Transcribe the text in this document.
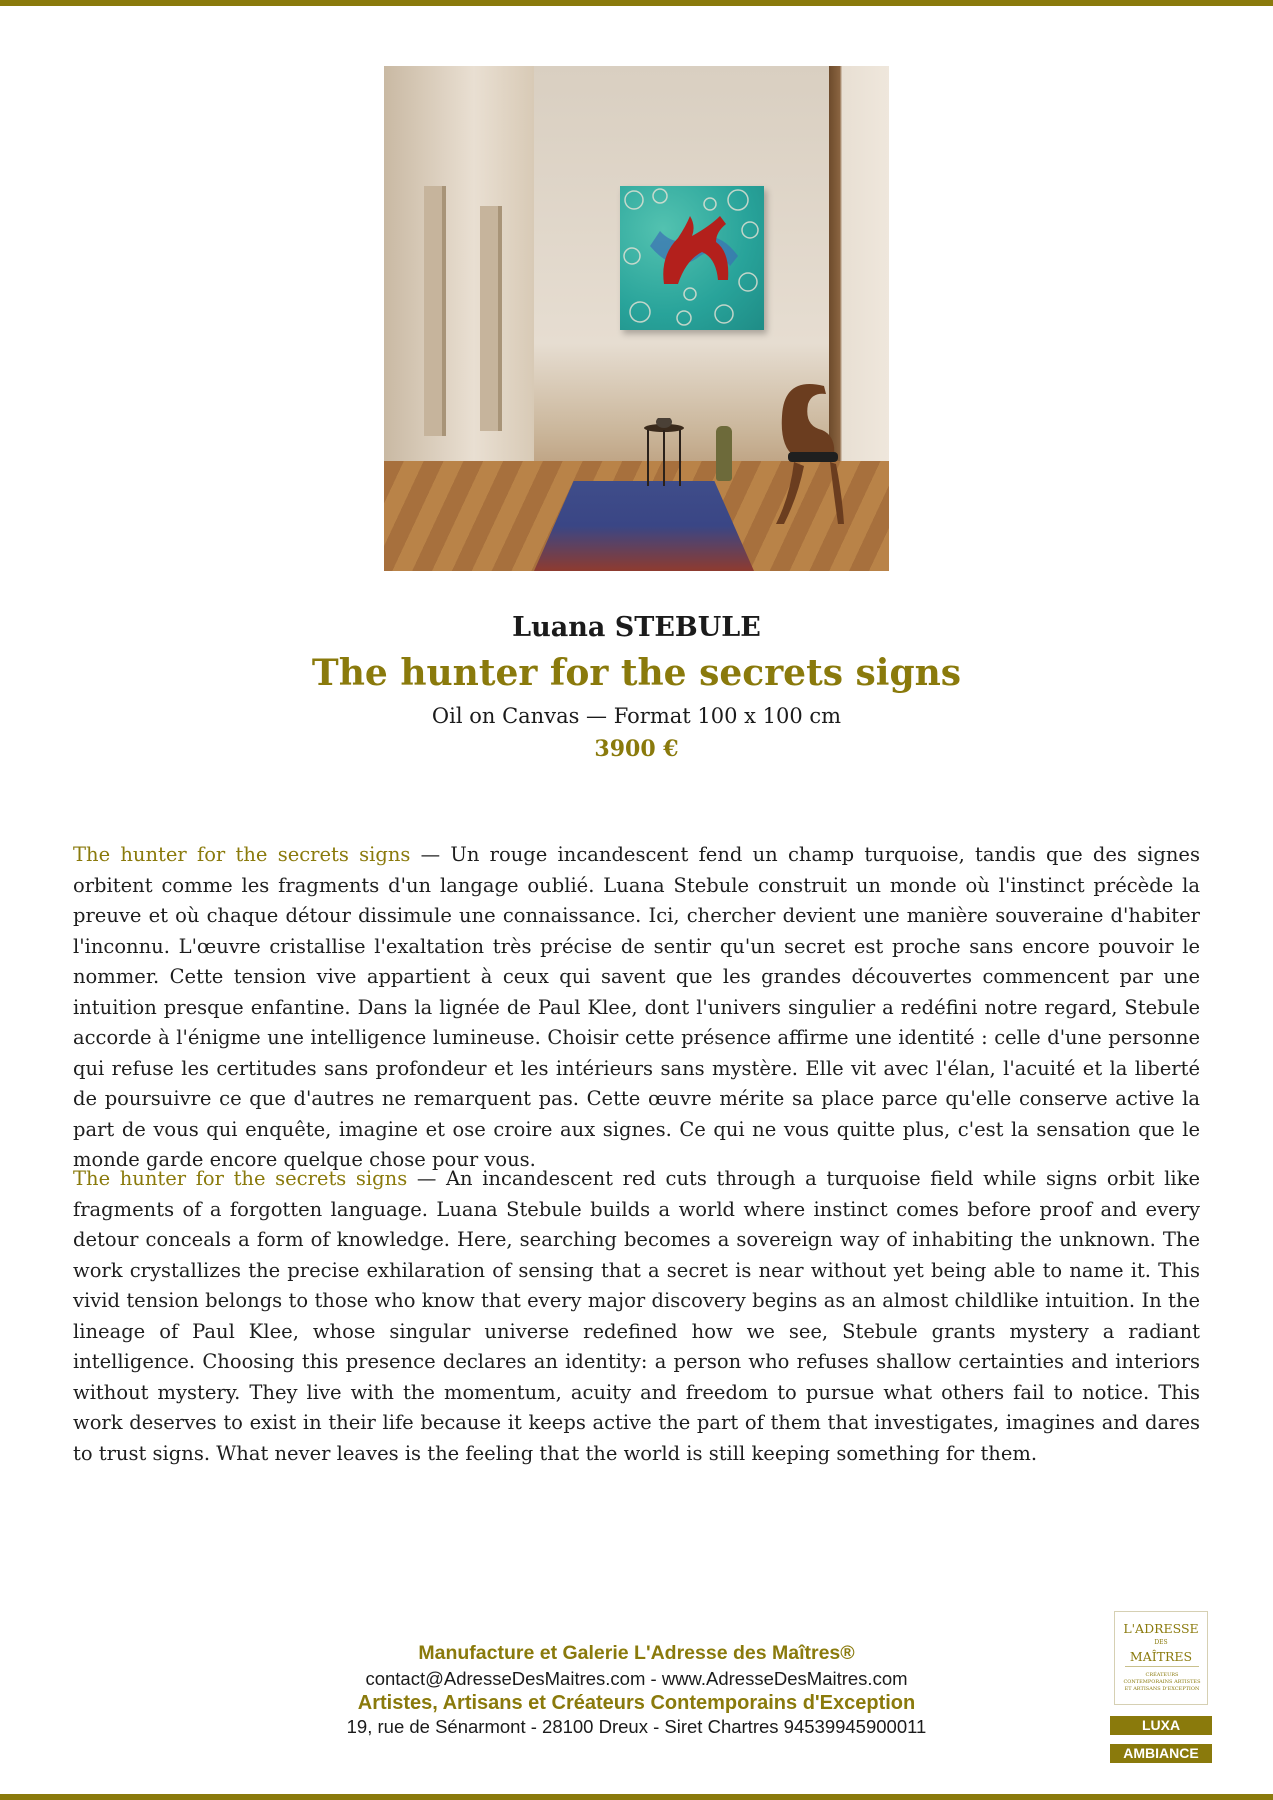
Luana STEBULE
The hunter for the secrets signs
Oil on Canvas — Format 100 x 100 cm
3900 €

The hunter for the secrets signs — Un rouge incandescent fend un champ turquoise, tandis que des signes orbitent comme les fragments d'un langage oublié. Luana Stebule construit un monde où l'instinct précède la preuve et où chaque détour dissimule une connaissance. Ici, chercher devient une manière souveraine d'habiter l'inconnu. L'œuvre cristallise l'exaltation très précise de sentir qu'un secret est proche sans encore pouvoir le nommer. Cette tension vive appartient à ceux qui savent que les grandes découvertes commencent par une intuition presque enfantine. Dans la lignée de Paul Klee, dont l'univers singulier a redéfini notre regard, Stebule accorde à l'énigme une intelligence lumineuse. Choisir cette présence affirme une identité : celle d'une personne qui refuse les certitudes sans profondeur et les intérieurs sans mystère. Elle vit avec l'élan, l'acuité et la liberté de poursuivre ce que d'autres ne remarquent pas. Cette œuvre mérite sa place parce qu'elle conserve active la part de vous qui enquête, imagine et ose croire aux signes. Ce qui ne vous quitte plus, c'est la sensation que le monde garde encore quelque chose pour vous.

The hunter for the secrets signs — An incandescent red cuts through a turquoise field while signs orbit like fragments of a forgotten language. Luana Stebule builds a world where instinct comes before proof and every detour conceals a form of knowledge. Here, searching becomes a sovereign way of inhabiting the unknown. The work crystallizes the precise exhilaration of sensing that a secret is near without yet being able to name it. This vivid tension belongs to those who know that every major discovery begins as an almost childlike intuition. In the lineage of Paul Klee, whose singular universe redefined how we see, Stebule grants mystery a radiant intelligence. Choosing this presence declares an identity: a person who refuses shallow certainties and interiors without mystery. They live with the momentum, acuity and freedom to pursue what others fail to notice. This work deserves to exist in their life because it keeps active the part of them that investigates, imagines and dares to trust signs. What never leaves is the feeling that the world is still keeping something for them.

Manufacture et Galerie L'Adresse des Maîtres®
contact@AdresseDesMaitres.com - www.AdresseDesMaitres.com
Artistes, Artisans et Créateurs Contemporains d'Exception
19, rue de Sénarmont - 28100 Dreux - Siret Chartres 94539945900011
L'ADRESSE
DES
MAÎTRES
CRÉATEURS CONTEMPORAINS ARTISTES ET ARTISANS D'EXCEPTION
LUXA
AMBIANCE
